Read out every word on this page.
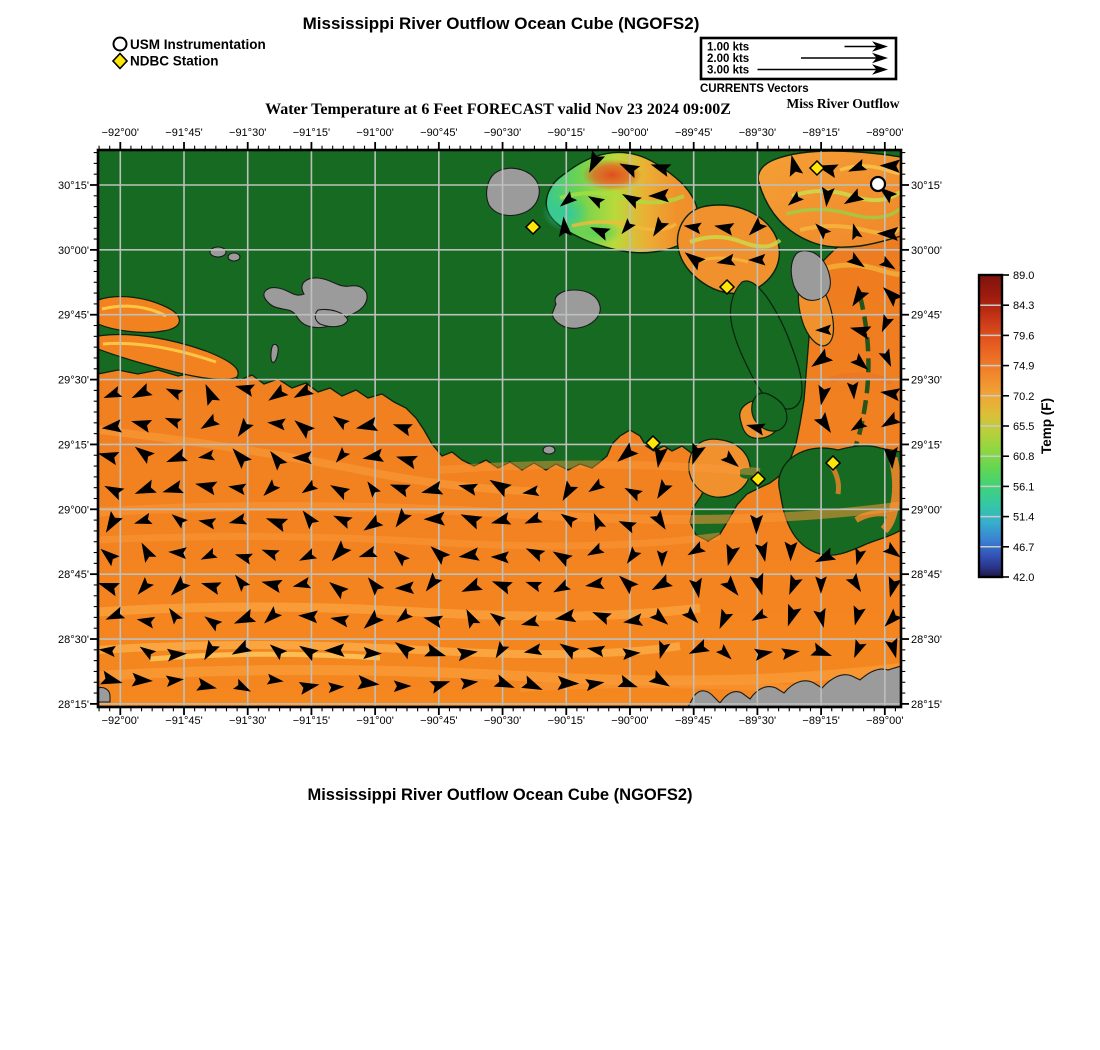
Mississippi River Outflow Ocean Cube (NGOFS2)
USM Instrumentation
NDBC Station
1.00 kts
2.00 kts
3.00 kts
CURRENTS Vectors
Miss River Outflow
Water Temperature at 6 Feet FORECAST valid Nov 23 2024 09:00Z
−92°00'
−92°00'
−91°45'
−91°45'
−91°30'
−91°30'
−91°15'
−91°15'
−91°00'
−91°00'
−90°45'
−90°45'
−90°30'
−90°30'
−90°15'
−90°15'
−90°00'
−90°00'
−89°45'
−89°45'
−89°30'
−89°30'
−89°15'
−89°15'
−89°00'
−89°00'
30°15'	30°15'
30°00'	30°00'
29°45'	29°45'
29°30'	29°30'
29°15'	29°15'
29°00'	29°00'
28°45'	28°45'
28°30'	28°30'
28°15'	28°15'
89.0
84.3
79.6
74.9
70.2
65.5
60.8
56.1
51.4
46.7
42.0
Temp (F)
Mississippi River Outflow Ocean Cube (NGOFS2)
